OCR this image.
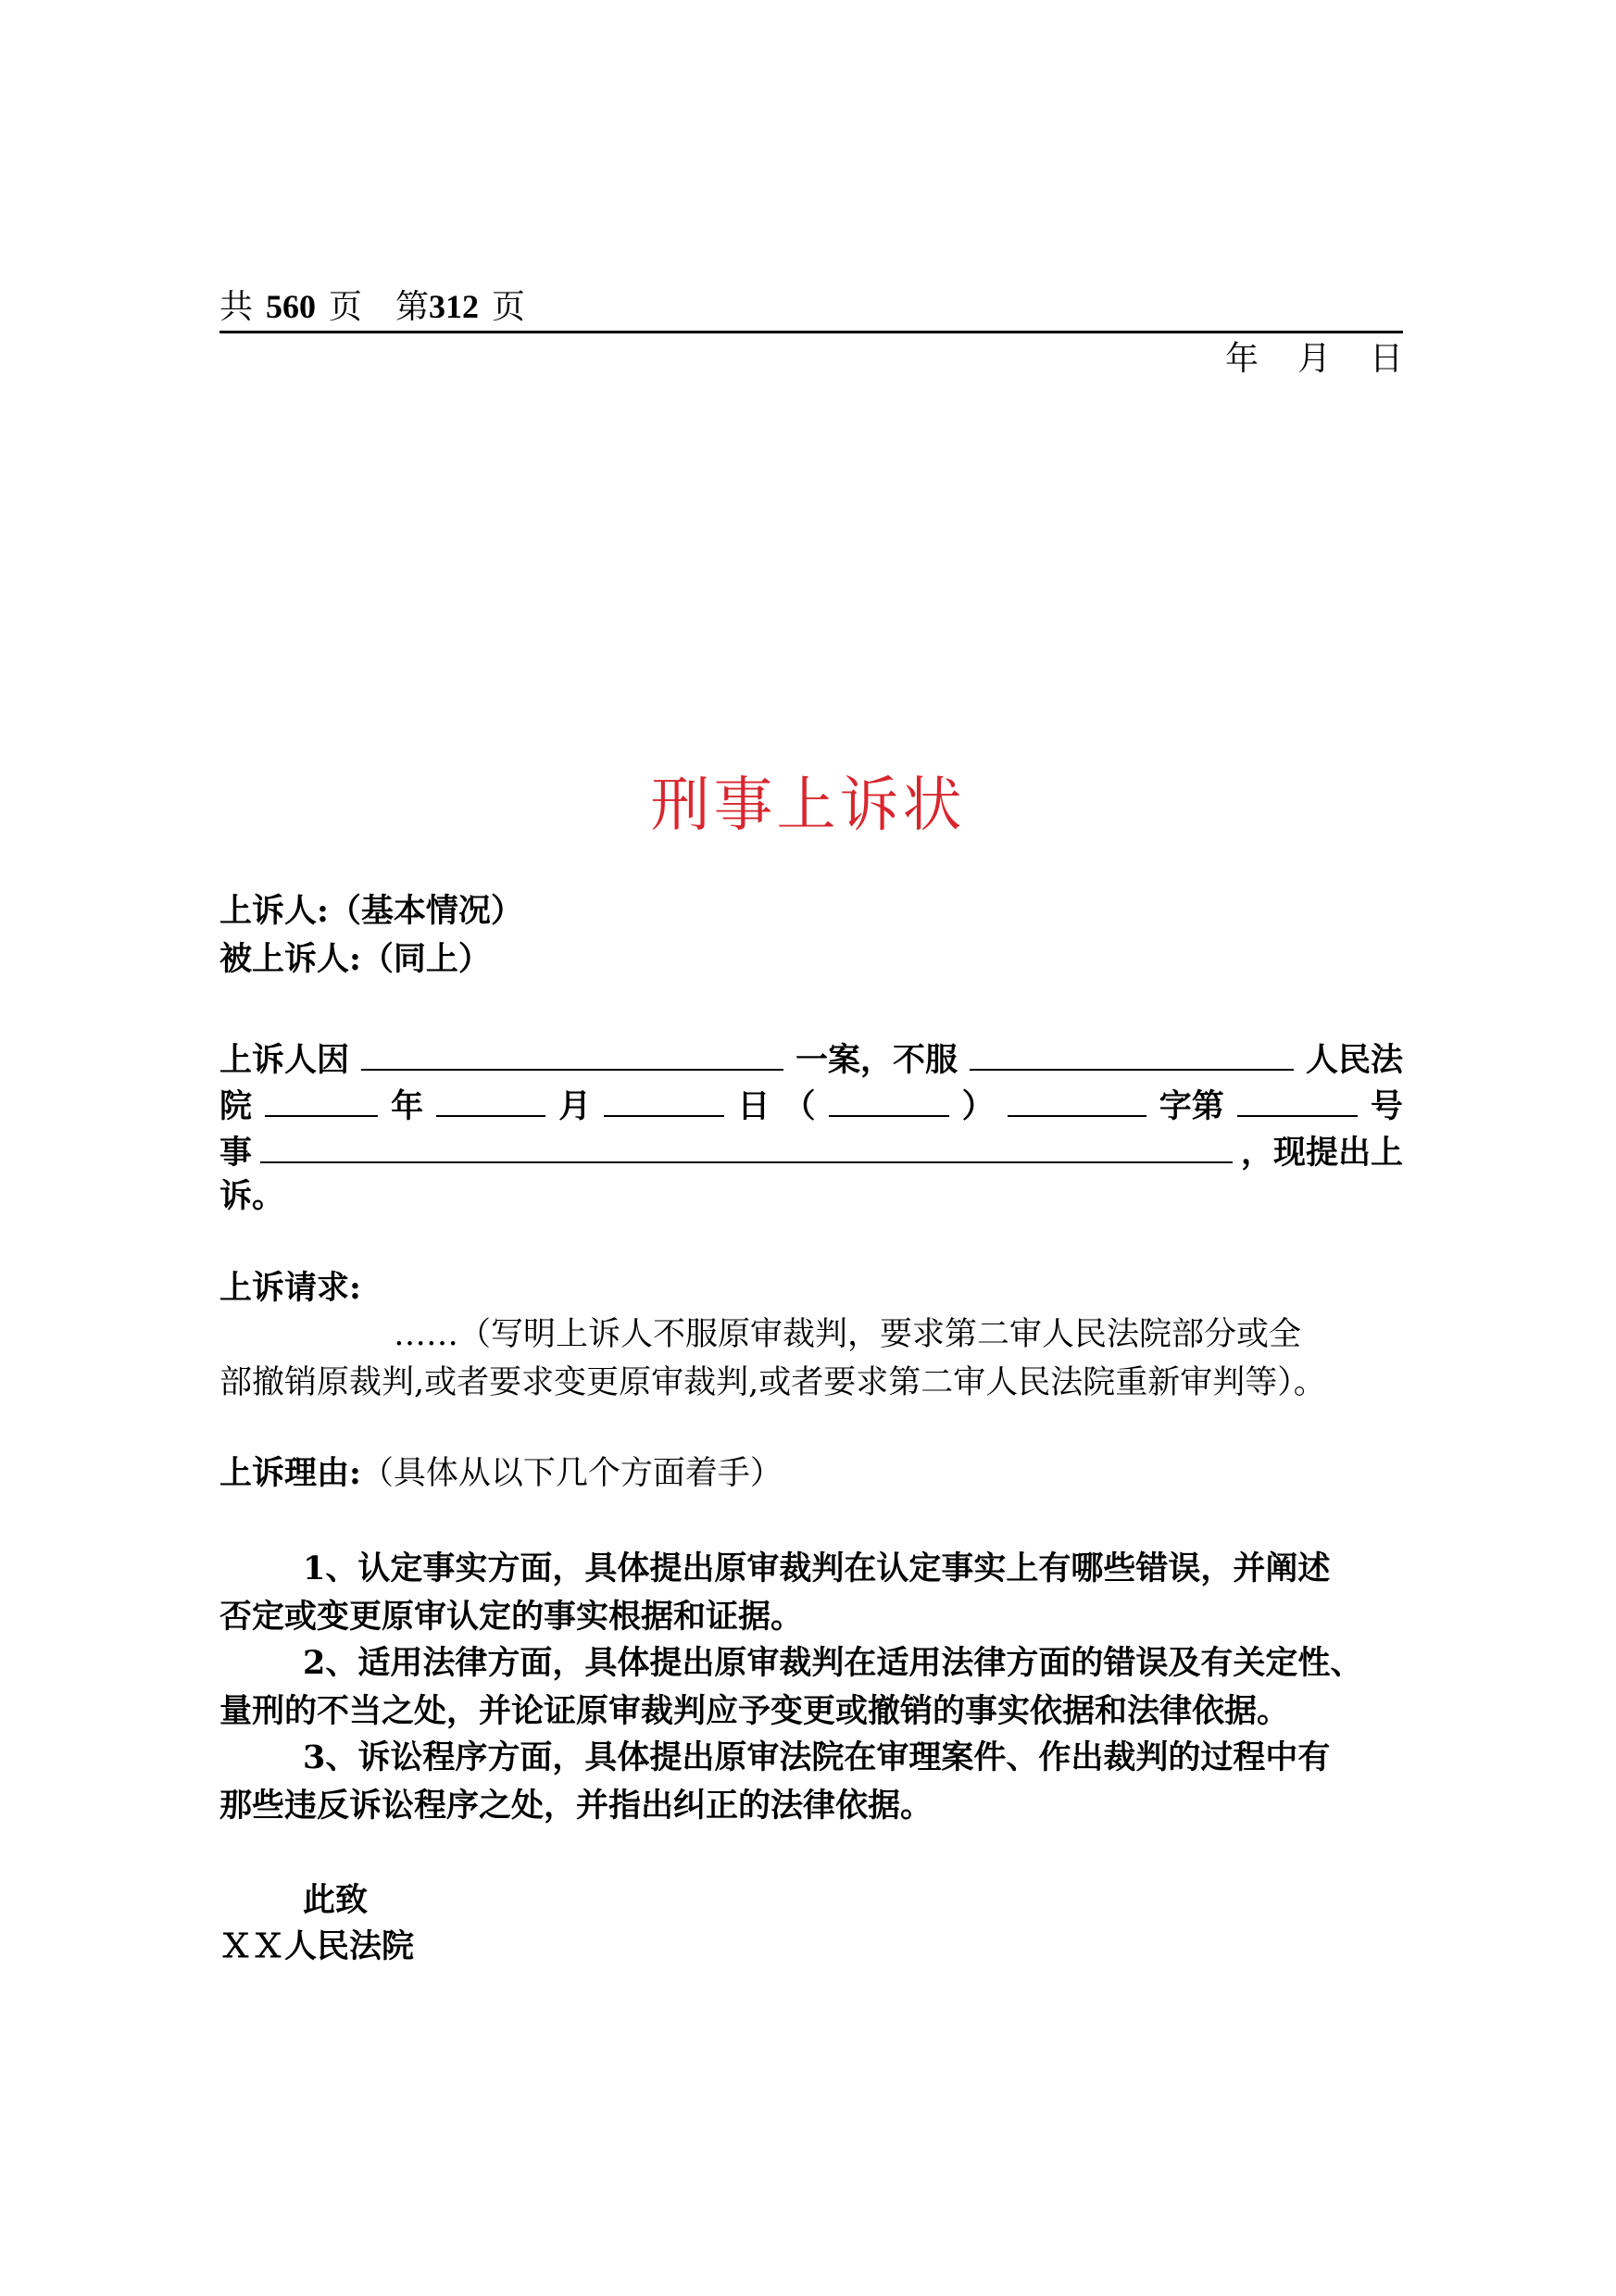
共 560 页 第312 页
年 月 日
刑事上诉状
上诉人:（基本情况）
被上诉人:（同上）
上诉人因	一案，不服	人民法
院	年	月	日 （	）	字第	号
事	，现提出上
诉。
上诉请求:
……（写明上诉人不服原审裁判，要求第二审人民法院部分或全
部撤销原裁判,或者要求变更原审裁判,或者要求第二审人民法院重新审判等）。
上诉理由:（具体从以下几个方面着手）
1、认定事实方面，具体提出原审裁判在认定事实上有哪些错误，并阐述
否定或变更原审认定的事实根据和证据。
2、适用法律方面，具体提出原审裁判在适用法律方面的错误及有关定性、
量刑的不当之处，并论证原审裁判应予变更或撤销的事实依据和法律依据。
3、诉讼程序方面，具体提出原审法院在审理案件、作出裁判的过程中有
那些违反诉讼程序之处，并指出纠正的法律依据。
此致
ＸＸ人民法院
